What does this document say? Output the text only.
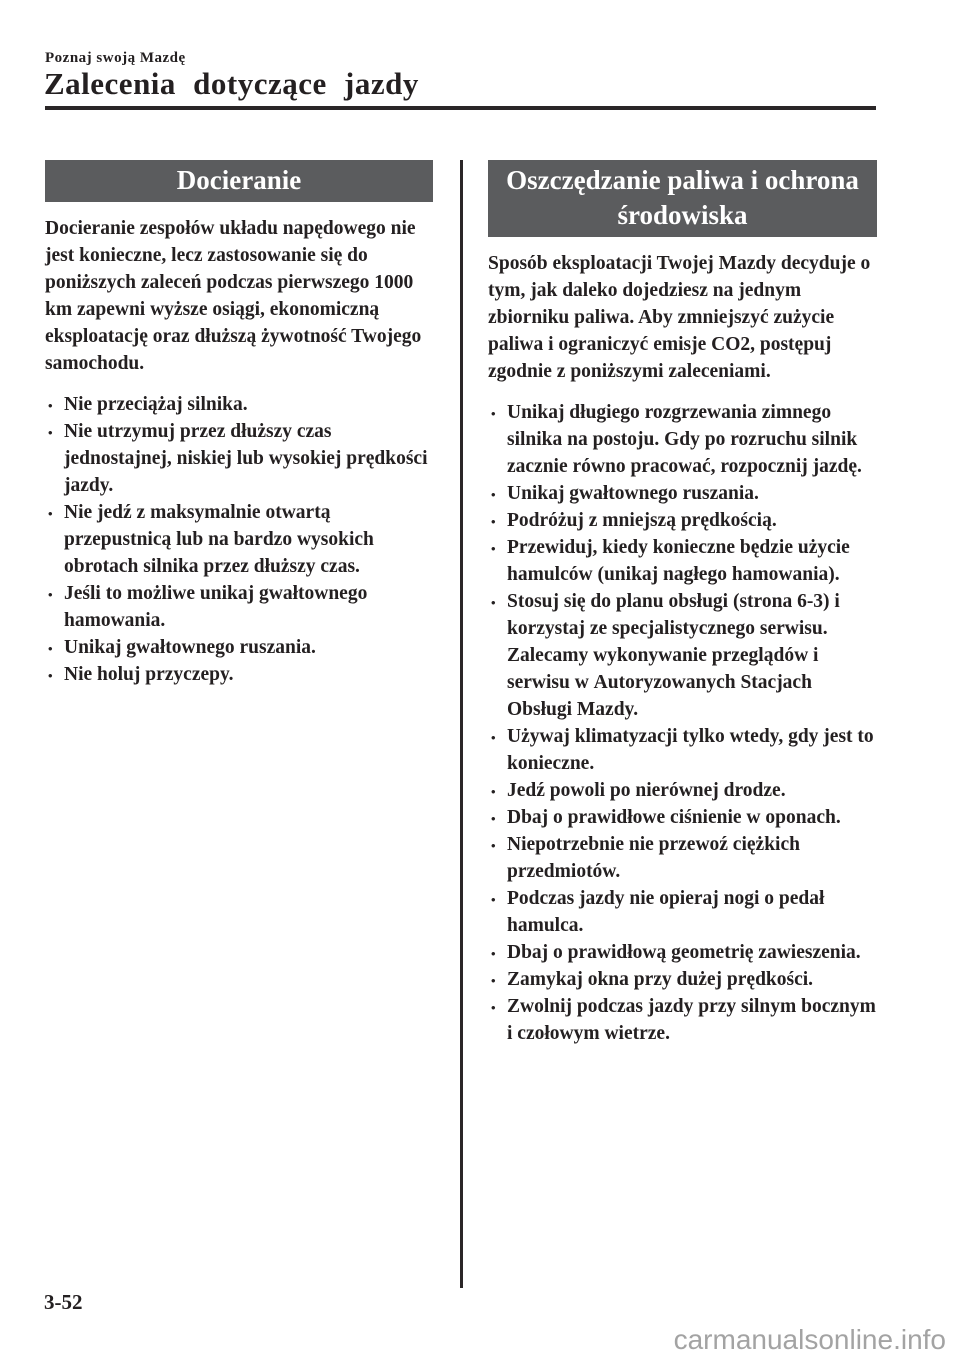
Poznaj swoją Mazdę
Zalecenia dotyczące jazdy
Docieranie

Docieranie zespołów układu napędowego nie jest konieczne, lecz zastosowanie się do poniższych zaleceń podczas pierwszego 1000 km zapewni wyższe osiągi, ekonomiczną eksploatację oraz dłuższą żywotność Twojego samochodu.

• Nie przeciążaj silnika.
• Nie utrzymuj przez dłuższy czas jednostajnej, niskiej lub wysokiej prędkości jazdy.
• Nie jedź z maksymalnie otwartą przepustnicą lub na bardzo wysokich obrotach silnika przez dłuższy czas.
• Jeśli to możliwe unikaj gwałtownego hamowania.
• Unikaj gwałtownego ruszania.
• Nie holuj przyczepy.
Oszczędzanie paliwa i ochrona środowiska

Sposób eksploatacji Twojej Mazdy decyduje o tym, jak daleko dojedziesz na jednym zbiorniku paliwa. Aby zmniejszyć zużycie paliwa i ograniczyć emisje CO2, postępuj zgodnie z poniższymi zaleceniami.

• Unikaj długiego rozgrzewania zimnego silnika na postoju. Gdy po rozruchu silnik zacznie równo pracować, rozpocznij jazdę.
• Unikaj gwałtownego ruszania.
• Podróżuj z mniejszą prędkością.
• Przewiduj, kiedy konieczne będzie użycie hamulców (unikaj nagłego hamowania).
• Stosuj się do planu obsługi (strona 6-3) i korzystaj ze specjalistycznego serwisu. Zalecamy wykonywanie przeglądów i serwisu w Autoryzowanych Stacjach Obsługi Mazdy.
• Używaj klimatyzacji tylko wtedy, gdy jest to konieczne.
• Jedź powoli po nierównej drodze.
• Dbaj o prawidłowe ciśnienie w oponach.
• Niepotrzebnie nie przewoź ciężkich przedmiotów.
• Podczas jazdy nie opieraj nogi o pedał hamulca.
• Dbaj o prawidłową geometrię zawieszenia.
• Zamykaj okna przy dużej prędkości.
• Zwolnij podczas jazdy przy silnym bocznym i czołowym wietrze.
3-52
carmanualsonline.info
